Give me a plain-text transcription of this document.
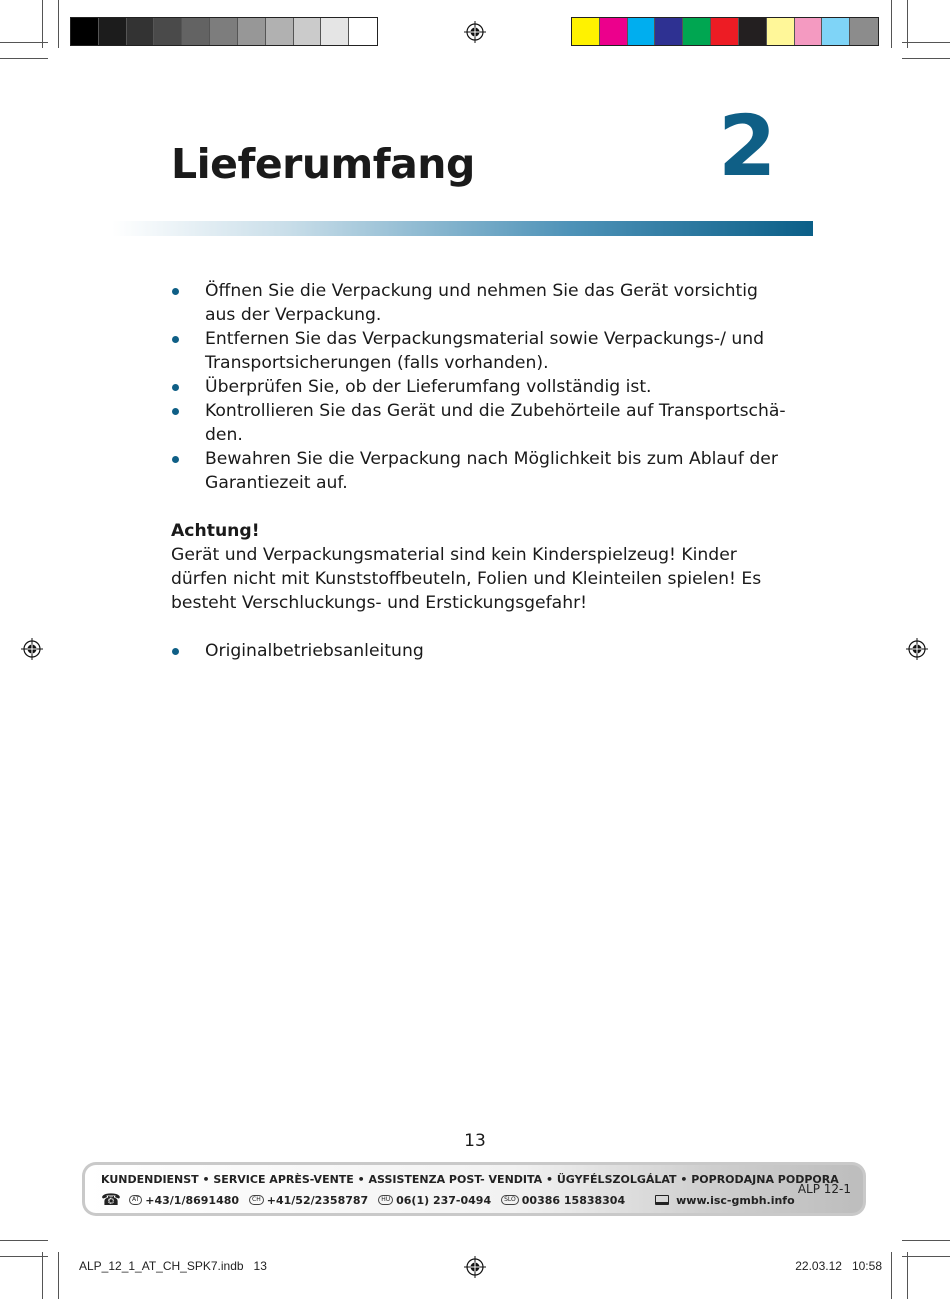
Lieferumfang	2
Öffnen Sie die Verpackung und nehmen Sie das Gerät vorsichtig aus der Verpackung.
Entfernen Sie das Verpackungsmaterial sowie Verpackungs-/ und Transportsicherungen (falls vorhanden).
Überprüfen Sie, ob der Lieferumfang vollständig ist.
Kontrollieren Sie das Gerät und die Zubehörteile auf Transportschä-den.
Bewahren Sie die Verpackung nach Möglichkeit bis zum Ablauf der Garantiezeit auf.
Achtung!
Gerät und Verpackungsmaterial sind kein Kinderspielzeug! Kinder dürfen nicht mit Kunststoffbeuteln, Folien und Kleinteilen spielen! Es besteht Verschluckungs- und Erstickungsgefahr!
Originalbetriebsanleitung
13
KUNDENDIENST • SERVICE APRÈS-VENTE • ASSISTENZA POST- VENDITA • ÜGYFÉLSZOLGÁLAT • POPRODAJNA PODPORA
☎	AT +43/1/8691480	CH +41/52/2358787	HU 06(1) 237-0494	SLO 00386 15838304	www.isc-gmbh.info
ALP 12-1
ALP_12_1_AT_CH_SPK7.indb   13	22.03.12   10:58
